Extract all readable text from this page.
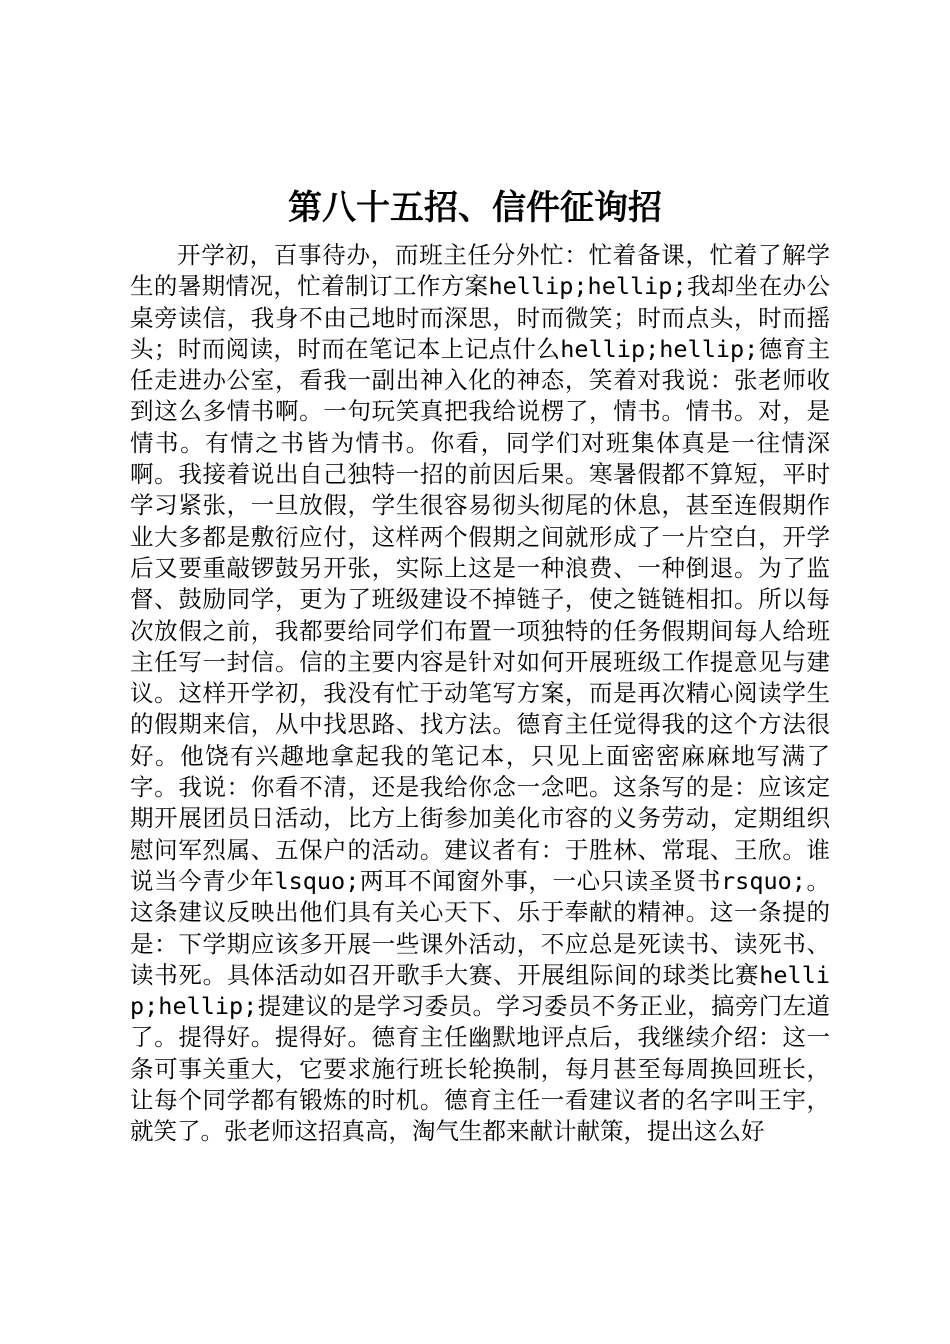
第八十五招、信件征询招

开学初，百事待办，而班主任分外忙：忙着备课，忙着了解学生的暑期情况，忙着制订工作方案hellip;hellip;我却坐在办公桌旁读信，我身不由己地时而深思，时而微笑；时而点头，时而摇头；时而阅读，时而在笔记本上记点什么hellip;hellip;德育主任走进办公室，看我一副出神入化的神态，笑着对我说：张老师收到这么多情书啊。一句玩笑真把我给说楞了，情书。情书。对，是情书。有情之书皆为情书。你看，同学们对班集体真是一往情深啊。我接着说出自己独特一招的前因后果。寒暑假都不算短，平时学习紧张，一旦放假，学生很容易彻头彻尾的休息，甚至连假期作业大多都是敷衍应付，这样两个假期之间就形成了一片空白，开学后又要重敲锣鼓另开张，实际上这是一种浪费、一种倒退。为了监督、鼓励同学，更为了班级建设不掉链子，使之链链相扣。所以每次放假之前，我都要给同学们布置一项独特的任务假期间每人给班主任写一封信。信的主要内容是针对如何开展班级工作提意见与建议。这样开学初，我没有忙于动笔写方案，而是再次精心阅读学生的假期来信，从中找思路、找方法。德育主任觉得我的这个方法很好。他饶有兴趣地拿起我的笔记本，只见上面密密麻麻地写满了字。我说：你看不清，还是我给你念一念吧。这条写的是：应该定期开展团员日活动，比方上街参加美化市容的义务劳动，定期组织慰问军烈属、五保户的活动。建议者有：于胜林、常琨、王欣。谁说当今青少年lsquo;两耳不闻窗外事，一心只读圣贤书rsquo;。这条建议反映出他们具有关心天下、乐于奉献的精神。这一条提的是：下学期应该多开展一些课外活动，不应总是死读书、读死书、读书死。具体活动如召开歌手大赛、开展组际间的球类比赛hellip;hellip;提建议的是学习委员。学习委员不务正业，搞旁门左道了。提得好。提得好。德育主任幽默地评点后，我继续介绍：这一条可事关重大，它要求施行班长轮换制，每月甚至每周换回班长，让每个同学都有锻炼的时机。德育主任一看建议者的名字叫王宇，就笑了。张老师这招真高，淘气生都来献计献策，提出这么好
